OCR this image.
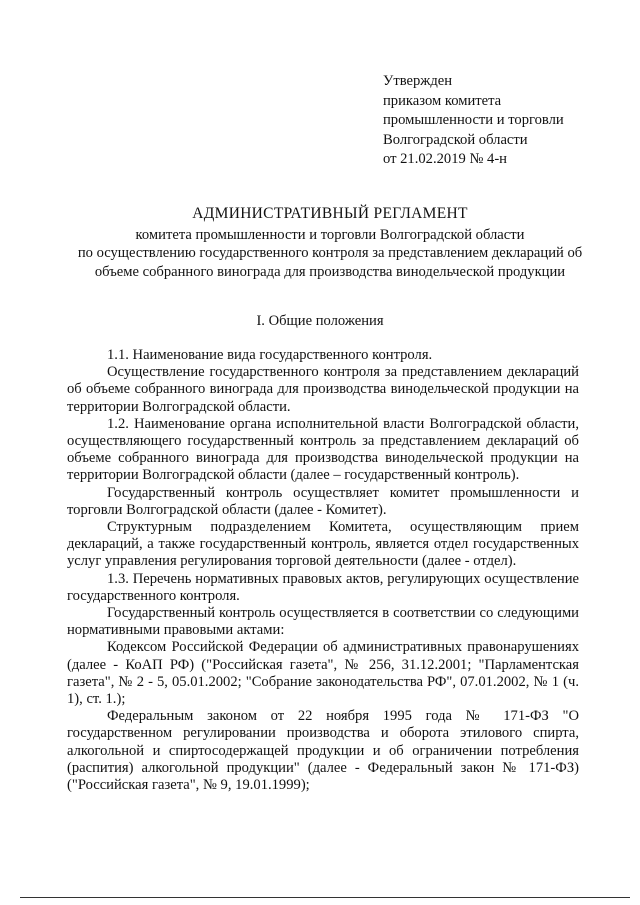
Утвержден
приказом комитета
промышленности и торговли
Волгоградской области
от 21.02.2019 № 4-н
АДМИНИСТРАТИВНЫЙ РЕГЛАМЕНТ
комитета промышленности и торговли Волгоградской области
по осуществлению государственного контроля за представлением деклараций об
объеме собранного винограда для производства винодельческой продукции
I. Общие положения

1.1. Наименование вида государственного контроля.

Осуществление государственного контроля за представлением деклараций об объеме собранного винограда для производства винодельческой продукции на территории Волгоградской области.

1.2. Наименование органа исполнительной власти Волгоградской области, осуществляющего государственный контроль за представлением деклараций об объеме собранного винограда для производства винодельческой продукции на территории Волгоградской области (далее – государственный контроль).

Государственный контроль осуществляет комитет промышленности и торговли Волгоградской области (далее - Комитет).

Структурным подразделением Комитета, осуществляющим прием деклараций, а также государственный контроль, является отдел государственных услуг управления регулирования торговой деятельности (далее - отдел).

1.3. Перечень нормативных правовых актов, регулирующих осуществление государственного контроля.

Государственный контроль осуществляется в соответствии со следующими нормативными правовыми актами:

Кодексом Российской Федерации об административных правонарушениях (далее - КоАП РФ) ("Российская газета", № 256, 31.12.2001; "Парламентская газета", № 2 - 5, 05.01.2002; "Собрание законодательства РФ", 07.01.2002, № 1 (ч. 1), ст. 1.);

Федеральным законом от 22 ноября 1995 года № 171-ФЗ "О государственном регулировании производства и оборота этилового спирта, алкогольной и спиртосодержащей продукции и об ограничении потребления (распития) алкогольной продукции" (далее - Федеральный закон № 171-ФЗ) ("Российская газета", № 9, 19.01.1999);
